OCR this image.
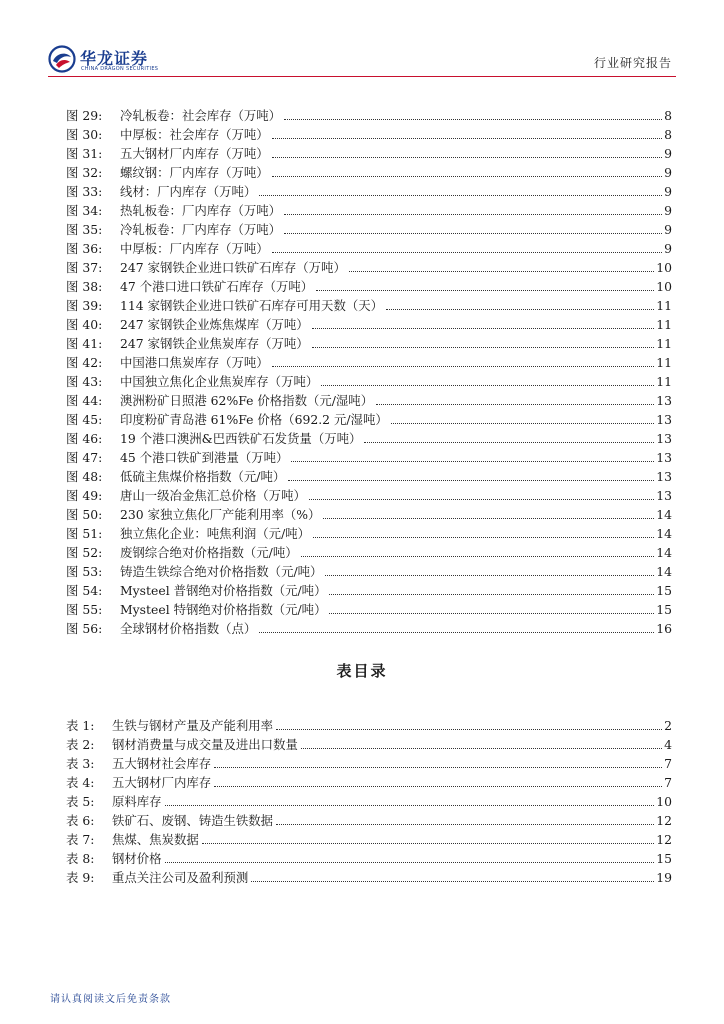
华龙证券
CHINA DRAGON SECURITIES	行业研究报告
图 29:	冷轧板卷：社会库存（万吨）	8
图 30:	中厚板：社会库存（万吨）	8
图 31:	五大钢材厂内库存（万吨）	9
图 32:	螺纹钢：厂内库存（万吨）	9
图 33:	线材：厂内库存（万吨）	9
图 34:	热轧板卷：厂内库存（万吨）	9
图 35:	冷轧板卷：厂内库存（万吨）	9
图 36:	中厚板：厂内库存（万吨）	9
图 37:	247 家钢铁企业进口铁矿石库存（万吨）	10
图 38:	47 个港口进口铁矿石库存（万吨）	10
图 39:	114 家钢铁企业进口铁矿石库存可用天数（天）	11
图 40:	247 家钢铁企业炼焦煤库（万吨）	11
图 41:	247 家钢铁企业焦炭库存（万吨）	11
图 42:	中国港口焦炭库存（万吨）	11
图 43:	中国独立焦化企业焦炭库存（万吨）	11
图 44:	澳洲粉矿日照港 62%Fe 价格指数（元/湿吨）	13
图 45:	印度粉矿青岛港 61%Fe 价格（692.2 元/湿吨）	13
图 46:	19 个港口澳洲&巴西铁矿石发货量（万吨）	13
图 47:	45 个港口铁矿到港量（万吨）	13
图 48:	低硫主焦煤价格指数（元/吨）	13
图 49:	唐山一级冶金焦汇总价格（万吨）	13
图 50:	230 家独立焦化厂产能利用率（%）	14
图 51:	独立焦化企业：吨焦利润（元/吨）	14
图 52:	废钢综合绝对价格指数（元/吨）	14
图 53:	铸造生铁综合绝对价格指数（元/吨）	14
图 54:	Mysteel 普钢绝对价格指数（元/吨）	15
图 55:	Mysteel 特钢绝对价格指数（元/吨）	15
图 56:	全球钢材价格指数（点）	16
表目录
表 1:	生铁与钢材产量及产能利用率	2
表 2:	钢材消费量与成交量及进出口数量	4
表 3:	五大钢材社会库存	7
表 4:	五大钢材厂内库存	7
表 5:	原料库存	10
表 6:	铁矿石、废钢、铸造生铁数据	12
表 7:	焦煤、焦炭数据	12
表 8:	钢材价格	15
表 9:	重点关注公司及盈利预测	19
请认真阅读文后免责条款
